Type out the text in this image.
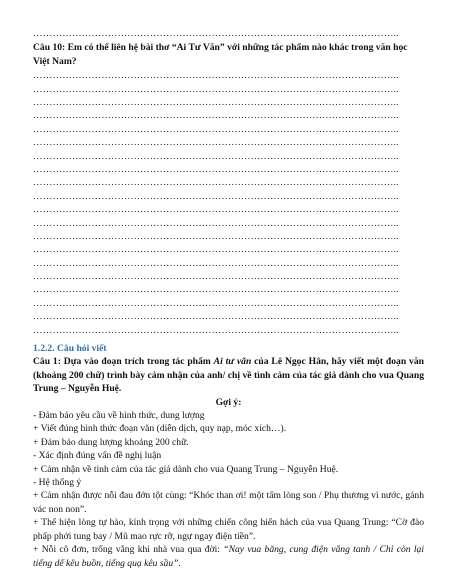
…………………………………………………………………………………………………..
Câu 10: Em có thể liên hệ bài thơ “Ai Tư Vãn” với những tác phẩm nào khác trong văn học Việt Nam?
…………………………………………………………………………………………………..
…………………………………………………………………………………………………..
…………………………………………………………………………………………………..
…………………………………………………………………………………………………..
…………………………………………………………………………………………………..
…………………………………………………………………………………………………..
…………………………………………………………………………………………………..
…………………………………………………………………………………………………..
…………………………………………………………………………………………………..
…………………………………………………………………………………………………..
…………………………………………………………………………………………………..
…………………………………………………………………………………………………..
…………………………………………………………………………………………………..
…………………………………………………………………………………………………..
…………………………………………………………………………………………………..
…………………………………………………………………………………………………..
…………………………………………………………………………………………………..
…………………………………………………………………………………………………..
…………………………………………………………………………………………………..
…………………………………………………………………………………………………..
1.2.2. Câu hỏi viết
Câu 1: Dựa vào đoạn trích trong tác phẩm Ai tư vãn của Lê Ngọc Hân, hãy viết một đoạn văn (khoảng 200 chữ) trình bày cảm nhận của anh/ chị về tình cảm của tác giả dành cho vua Quang Trung – Nguyễn Huệ.
Gợi ý:
- Đảm bảo yêu cầu về hình thức, dung lượng
+ Viết đúng hình thức đoạn văn (diễn dịch, quy nạp, móc xích…).
+ Đảm bảo dung lượng khoảng 200 chữ.
- Xác định đúng vấn đề nghị luận
+ Cảm nhận về tình cảm của tác giả dành cho vua Quang Trung – Nguyễn Huệ.
- Hệ thống ý
+ Cảm nhận được nỗi đau đớn tột cùng: “Khóc than ơi! một tấm lòng son / Phụ thương vì nước, gánh vác non non”.
+ Thể hiện lòng tự hào, kính trọng với những chiến công hiển hách của vua Quang Trung: “Cờ đào phấp phới tung bay / Mũ mao rực rỡ, ngự ngay điện tiền”.
+ Nỗi cô đơn, trống vắng khi nhà vua qua đời: “Nay vua băng, cung điện vắng tanh / Chỉ còn lại tiếng dế kêu buồn, tiếng quạ kêu sầu”.
